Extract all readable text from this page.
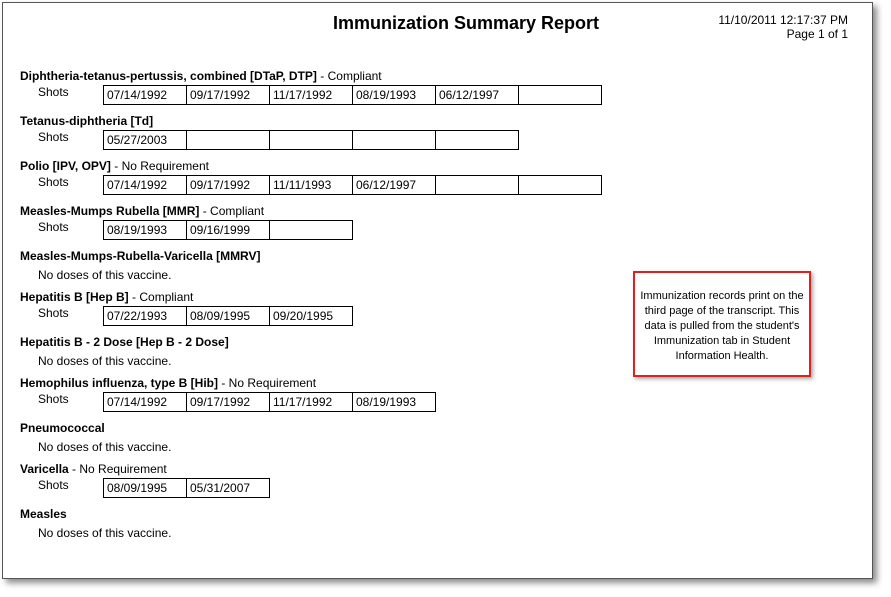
Immunization Summary Report	11/10/2011 12:17:37 PM
Page 1 of 1
Diphtheria-tetanus-pertussis, combined [DTaP, DTP] - Compliant
Shots	07/14/1992	09/17/1992	11/17/1992	08/19/1993	06/12/1997
Tetanus-diphtheria [Td]
Shots	05/27/2003
Polio [IPV, OPV] - No Requirement
Shots	07/14/1992	09/17/1992	11/11/1993	06/12/1997
Measles-Mumps Rubella [MMR] - Compliant
Shots	08/19/1993	09/16/1999
Measles-Mumps-Rubella-Varicella [MMRV]
No doses of this vaccine.
Hepatitis B [Hep B] - Compliant
Shots	07/22/1993	08/09/1995	09/20/1995
Hepatitis B - 2 Dose [Hep B - 2 Dose]
No doses of this vaccine.
Hemophilus influenza, type B [Hib] - No Requirement
Shots	07/14/1992	09/17/1992	11/17/1992	08/19/1993
Pneumococcal
No doses of this vaccine.
Varicella - No Requirement
Shots	08/09/1995	05/31/2007
Measles
No doses of this vaccine.
Immunization records print on the third page of the transcript. This data is pulled from the student's Immunization tab in Student Information Health.
